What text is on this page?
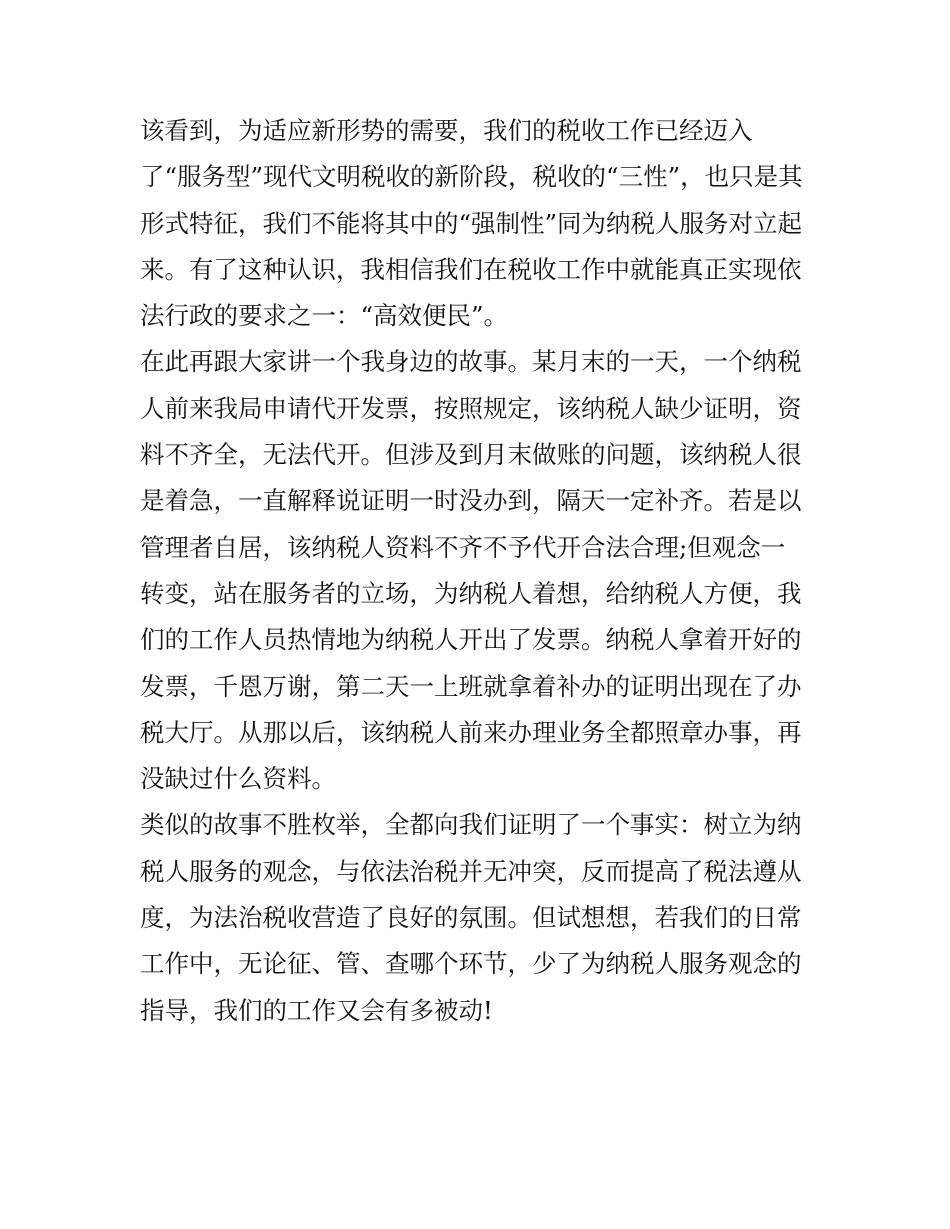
该看到，为适应新形势的需要，我们的税收工作已经迈入
了“服务型”现代文明税收的新阶段，税收的“三性”，也只是其
形式特征，我们不能将其中的“强制性”同为纳税人服务对立起
来。有了这种认识，我相信我们在税收工作中就能真正实现依
法行政的要求之一：“高效便民”。
在此再跟大家讲一个我身边的故事。某月末的一天，一个纳税
人前来我局申请代开发票，按照规定，该纳税人缺少证明，资
料不齐全，无法代开。但涉及到月末做账的问题，该纳税人很
是着急，一直解释说证明一时没办到，隔天一定补齐。若是以
管理者自居，该纳税人资料不齐不予代开合法合理;但观念一
转变，站在服务者的立场，为纳税人着想，给纳税人方便，我
们的工作人员热情地为纳税人开出了发票。纳税人拿着开好的
发票，千恩万谢，第二天一上班就拿着补办的证明出现在了办
税大厅。从那以后，该纳税人前来办理业务全都照章办事，再
没缺过什么资料。
类似的故事不胜枚举，全都向我们证明了一个事实：树立为纳
税人服务的观念，与依法治税并无冲突，反而提高了税法遵从
度，为法治税收营造了良好的氛围。但试想想，若我们的日常
工作中，无论征、管、查哪个环节，少了为纳税人服务观念的
指导，我们的工作又会有多被动!
